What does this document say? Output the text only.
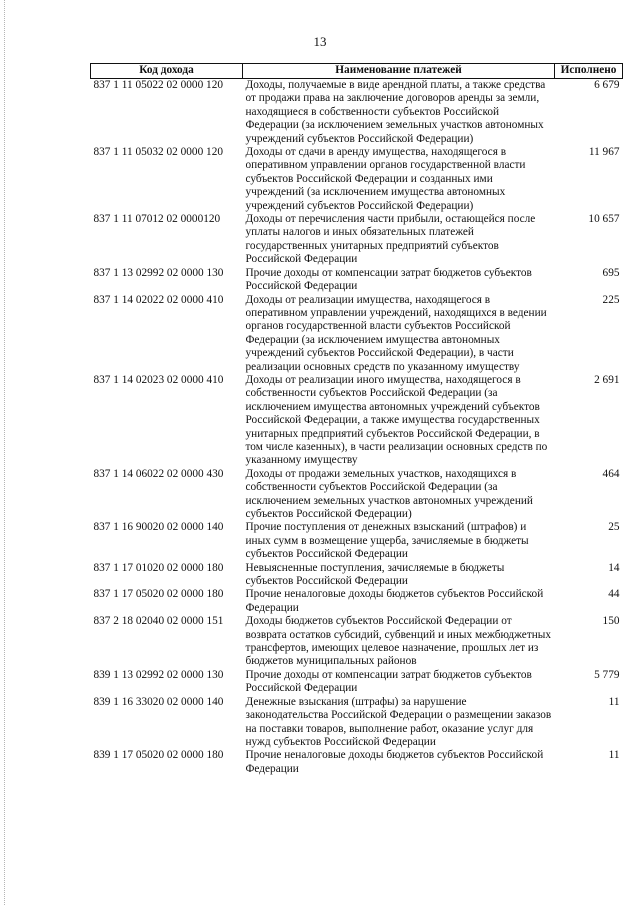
13
Код дохода	Наименование платежей	Исполнено
837 1 11 05022 02 0000 120	Доходы, получаемые в виде арендной платы, а также средства от продажи права на заключение договоров аренды за земли, находящиеся в собственности субъектов Российской Федерации (за исключением земельных участков автономных учреждений субъектов Российской Федерации)	6 679
837 1 11 05032 02 0000 120	Доходы от сдачи в аренду имущества, находящегося в оперативном управлении органов государственной власти субъектов Российской Федерации и созданных ими учреждений (за исключением имущества автономных учреждений субъектов Российской Федерации)	11 967
837 1 11 07012 02 0000120	Доходы от перечисления части прибыли, остающейся после уплаты налогов и иных обязательных платежей государственных унитарных предприятий субъектов Российской Федерации	10 657
837 1 13 02992 02 0000 130	Прочие доходы от компенсации затрат бюджетов субъектов Российской Федерации	695
837 1 14 02022 02 0000 410	Доходы от реализации имущества, находящегося в оперативном управлении учреждений, находящихся в ведении органов государственной власти субъектов Российской Федерации (за исключением имущества автономных учреждений субъектов Российской Федерации), в части реализации основных средств по указанному имуществу	225
837 1 14 02023 02 0000 410	Доходы от реализации иного имущества, находящегося в собственности субъектов Российской Федерации (за исключением имущества автономных учреждений субъектов Российской Федерации, а также имущества государственных унитарных предприятий субъектов Российской Федерации, в том числе казенных), в части реализации основных средств по указанному имуществу	2 691
837 1 14 06022 02 0000 430	Доходы от продажи земельных участков, находящихся в собственности субъектов Российской Федерации (за исключением земельных участков автономных учреждений субъектов Российской Федерации)	464
837 1 16 90020 02 0000 140	Прочие поступления от денежных взысканий (штрафов) и иных сумм в возмещение ущерба, зачисляемые в бюджеты субъектов Российской Федерации	25
837 1 17 01020 02 0000 180	Невыясненные поступления, зачисляемые в бюджеты субъектов Российской Федерации	14
837 1 17 05020 02 0000 180	Прочие неналоговые доходы бюджетов субъектов Российской Федерации	44
837 2 18 02040 02 0000 151	Доходы бюджетов субъектов Российской Федерации от возврата остатков субсидий, субвенций и иных межбюджетных трансфертов, имеющих целевое назначение, прошлых лет из бюджетов муниципальных районов	150
839 1 13 02992 02 0000 130	Прочие доходы от компенсации затрат бюджетов субъектов Российской Федерации	5 779
839 1 16 33020 02 0000 140	Денежные взыскания (штрафы) за нарушение законодательства Российской Федерации о размещении заказов на поставки товаров, выполнение работ, оказание услуг для нужд субъектов Российской Федерации	11
839 1 17 05020 02 0000 180	Прочие неналоговые доходы бюджетов субъектов Российской Федерации	11
